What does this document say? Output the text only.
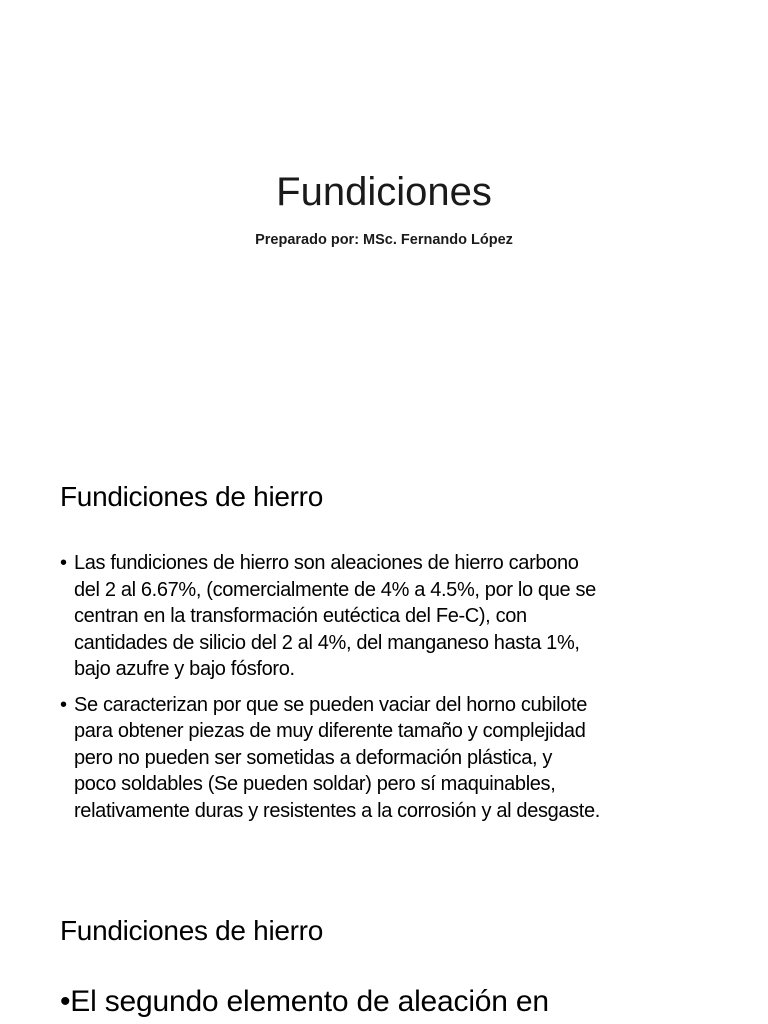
Fundiciones

Preparado por: MSc. Fernando López

Fundiciones de hierro
• Las fundiciones de hierro son aleaciones de hierro carbono
del 2 al 6.67%, (comercialmente de 4% a 4.5%, por lo que se
centran en la transformación eutéctica del Fe-C), con
cantidades de silicio del 2 al 4%, del manganeso hasta 1%,
bajo azufre y bajo fósforo.
• Se caracterizan por que se pueden vaciar del horno cubilote
para obtener piezas de muy diferente tamaño y complejidad
pero no pueden ser sometidas a deformación plástica, y
poco soldables (Se pueden soldar) pero sí maquinables,
relativamente duras y resistentes a la corrosión y al desgaste.
Fundiciones de hierro

•El segundo elemento de aleación en
